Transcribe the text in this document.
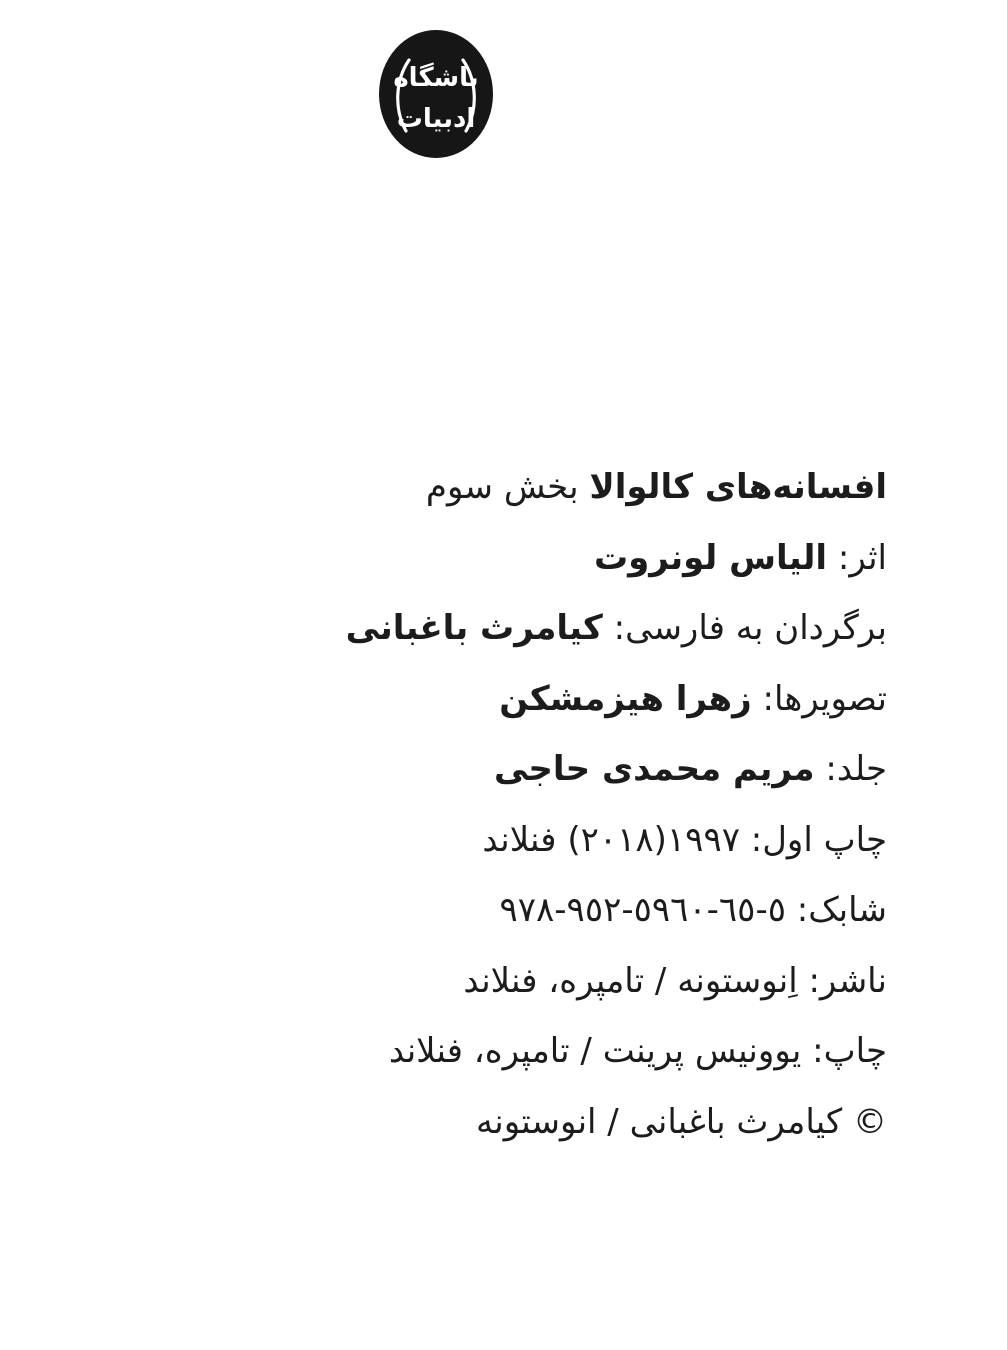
باشگاه
ادبیات
افسانه‌های کالوالا بخش سوم
اثر: الیاس لونروت
برگردان به فارسی: کیامرث باغبانی
تصویرها: زهرا هیزمشکن
جلد: مریم محمدی حاجی
چاپ اول: ١٩٩٧(٢٠١٨) فنلاند
شابک: ٩٧٨-٩٥٢-٥٩٦٠-٦٥-٥
ناشر: اِنوستونه / تامپره، فنلاند
چاپ: یوونیس پرینت / تامپره، فنلاند
© کیامرث باغبانی / انوستونه
